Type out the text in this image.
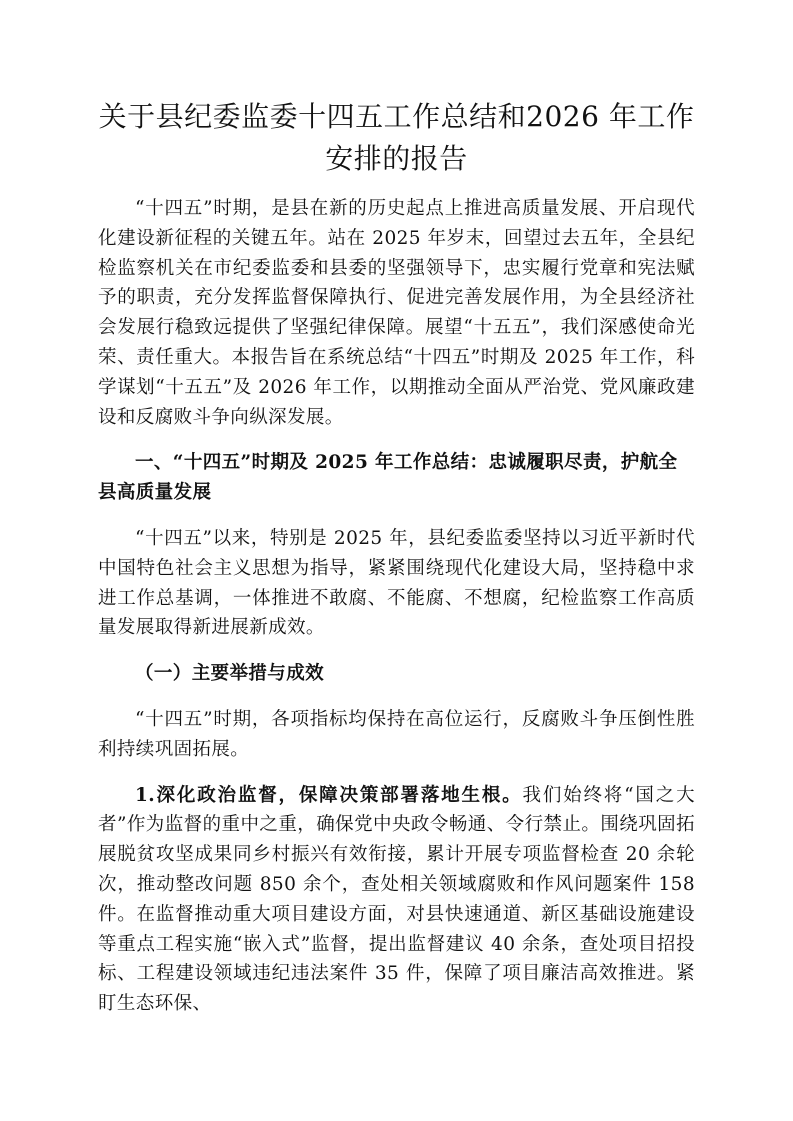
关于县纪委监委十四五工作总结和2026 年工作安排的报告

“十四五”时期，是县在新的历史起点上推进高质量发展、开启现代化建设新征程的关键五年。站在 2025 年岁末，回望过去五年，全县纪检监察机关在市纪委监委和县委的坚强领导下，忠实履行党章和宪法赋予的职责，充分发挥监督保障执行、促进完善发展作用，为全县经济社会发展行稳致远提供了坚强纪律保障。展望“十五五”，我们深感使命光荣、责任重大。本报告旨在系统总结“十四五”时期及 2025 年工作，科学谋划“十五五”及 2026 年工作，以期推动全面从严治党、党风廉政建设和反腐败斗争向纵深发展。

一、“十四五”时期及 2025 年工作总结：忠诚履职尽责，护航全县高质量发展

“十四五”以来，特别是 2025 年，县纪委监委坚持以习近平新时代中国特色社会主义思想为指导，紧紧围绕现代化建设大局，坚持稳中求进工作总基调，一体推进不敢腐、不能腐、不想腐，纪检监察工作高质量发展取得新进展新成效。

（一）主要举措与成效

“十四五”时期，各项指标均保持在高位运行，反腐败斗争压倒性胜利持续巩固拓展。

1.深化政治监督，保障决策部署落地生根。我们始终将“国之大者”作为监督的重中之重，确保党中央政令畅通、令行禁止。围绕巩固拓展脱贫攻坚成果同乡村振兴有效衔接，累计开展专项监督检查 20 余轮次，推动整改问题 850 余个，查处相关领域腐败和作风问题案件 158 件。在监督推动重大项目建设方面，对县快速通道、新区基础设施建设等重点工程实施“嵌入式”监督，提出监督建议 40 余条，查处项目招投标、工程建设领域违纪违法案件 35 件，保障了项目廉洁高效推进。紧盯生态环保、
